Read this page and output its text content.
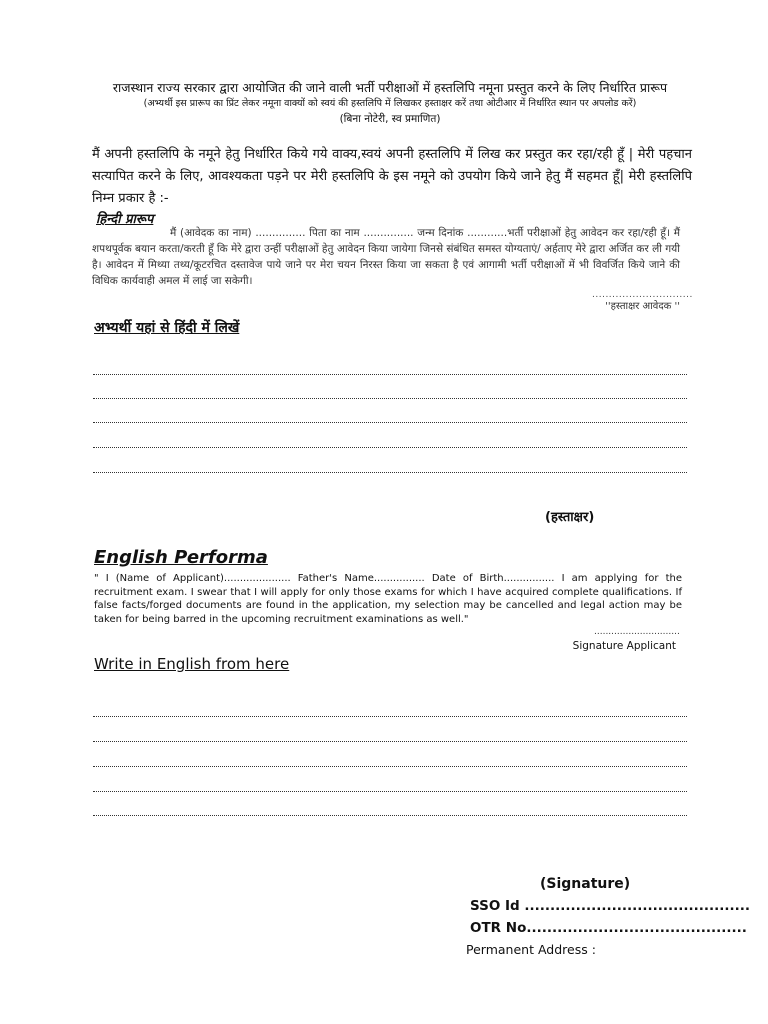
राजस्थान राज्य सरकार द्वारा आयोजित की जाने वाली भर्ती परीक्षाओं में हस्तलिपि नमूना प्रस्तुत करने के लिए निर्धारित प्रारूप
(अभ्यर्थी इस प्रारूप का प्रिंट लेकर नमूना वाक्यों को स्वयं की हस्तलिपि में लिखकर हस्ताक्षर करें तथा ओटीआर में निर्धारित स्थान पर अपलोड करें)
(बिना नोटेरी, स्व प्रमाणित)
मैं अपनी हस्तलिपि के नमूने हेतु निर्धारित किये गये वाक्य,स्वयं अपनी हस्तलिपि में लिख कर प्रस्तुत कर रहा/रही हूँ | मेरी पहचान सत्यापित करने के लिए, आवश्यकता पड़ने पर मेरी हस्तलिपि के इस नमूने को उपयोग किये जाने हेतु मैं सहमत हूँ| मेरी हस्तलिपि निम्न प्रकार है :-
हिन्दी प्रारूप
मैं (आवेदक का नाम) ............... पिता का नाम ............... जन्म दिनांक ............भर्ती परीक्षाओं हेतु आवेदन कर रहा/रही हूँ। मैं शपथपूर्वक बयान करता/करती हूँ कि मेरे द्वारा उन्हीं परीक्षाओं हेतु आवेदन किया जायेगा जिनसे संबंधित समस्त योग्यताएं/ अर्हताए मेरे द्वारा अर्जित कर ली गयी है। आवेदन में मिथ्या तथ्य/कूटरचित दस्तावेज पाये जाने पर मेरा चयन निरस्त किया जा सकता है एवं आगामी भर्ती परीक्षाओं में भी विवर्जित किये जाने की विधिक कार्यवाही अमल में लाई जा सकेगी।
..............................
''हस्ताक्षर आवेदक ''
अभ्यर्थी यहां से हिंदी में लिखें
(हस्ताक्षर)
English Performa
" I (Name of Applicant)..................... Father's Name................ Date of Birth................ I am applying for the recruitment exam. I swear that I will apply for only those exams for which I have acquired complete qualifications. If false facts/forged documents are found in the application, my selection may be cancelled and legal action may be taken for being barred in the upcoming recruitment examinations as well."
..............................
Signature Applicant
Write in English from here
(Signature)
SSO Id ............................................
OTR No...........................................
Permanent Address :
